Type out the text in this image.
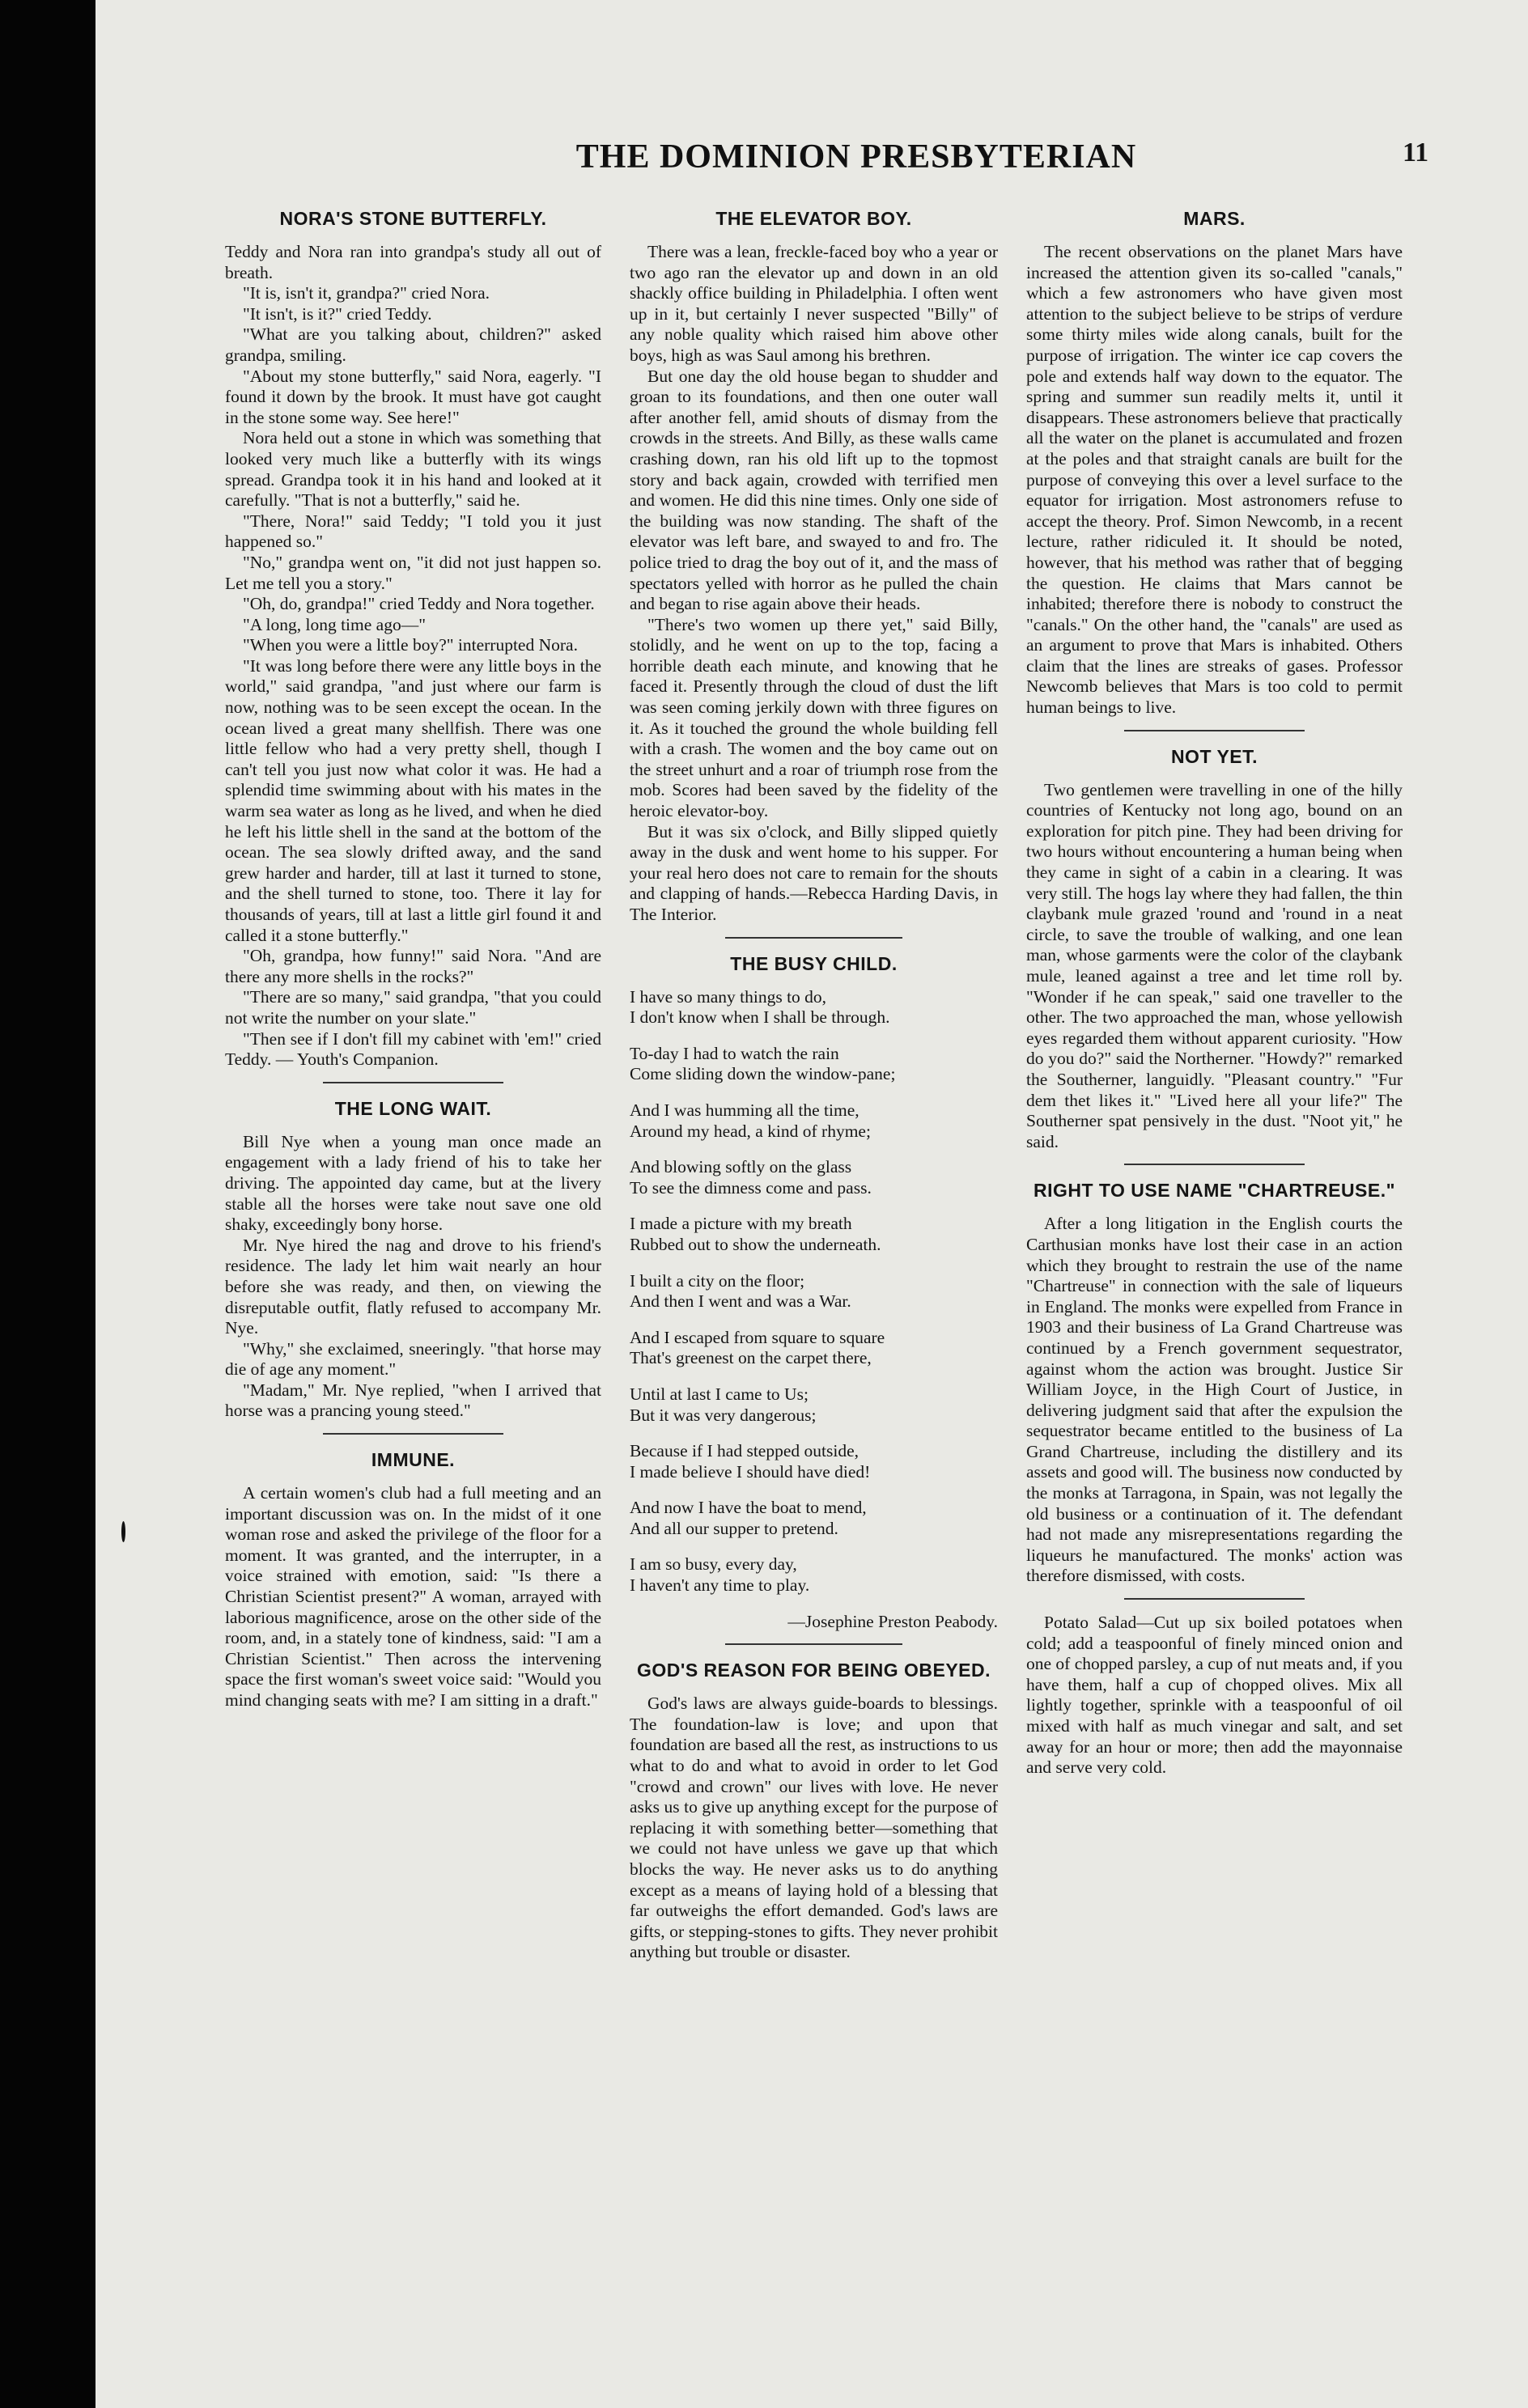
THE DOMINION PRESBYTERIAN	11
NORA'S STONE BUTTERFLY.

Teddy and Nora ran into grandpa's study all out of breath.

"It is, isn't it, grandpa?" cried Nora.

"It isn't, is it?" cried Teddy.

"What are you talking about, children?" asked grandpa, smiling.

"About my stone butterfly," said Nora, eagerly. "I found it down by the brook. It must have got caught in the stone some way. See here!"

Nora held out a stone in which was something that looked very much like a butterfly with its wings spread. Grandpa took it in his hand and looked at it carefully. "That is not a butterfly," said he.

"There, Nora!" said Teddy; "I told you it just happened so."

"No," grandpa went on, "it did not just happen so. Let me tell you a story."

"Oh, do, grandpa!" cried Teddy and Nora together.

"A long, long time ago—"

"When you were a little boy?" interrupted Nora.

"It was long before there were any little boys in the world," said grandpa, "and just where our farm is now, nothing was to be seen except the ocean. In the ocean lived a great many shellfish. There was one little fellow who had a very pretty shell, though I can't tell you just now what color it was. He had a splendid time swimming about with his mates in the warm sea water as long as he lived, and when he died he left his little shell in the sand at the bottom of the ocean. The sea slowly drifted away, and the sand grew harder and harder, till at last it turned to stone, and the shell turned to stone, too. There it lay for thousands of years, till at last a little girl found it and called it a stone butterfly."

"Oh, grandpa, how funny!" said Nora. "And are there any more shells in the rocks?"

"There are so many," said grandpa, "that you could not write the number on your slate."

"Then see if I don't fill my cabinet with 'em!" cried Teddy. — Youth's Companion.

THE LONG WAIT.

Bill Nye when a young man once made an engagement with a lady friend of his to take her driving. The appointed day came, but at the livery stable all the horses were take nout save one old shaky, exceedingly bony horse.

Mr. Nye hired the nag and drove to his friend's residence. The lady let him wait nearly an hour before she was ready, and then, on viewing the disreputable outfit, flatly refused to accompany Mr. Nye.

"Why," she exclaimed, sneeringly. "that horse may die of age any moment."

"Madam," Mr. Nye replied, "when I arrived that horse was a prancing young steed."

IMMUNE.

A certain women's club had a full meeting and an important discussion was on. In the midst of it one woman rose and asked the privilege of the floor for a moment. It was granted, and the interrupter, in a voice strained with emotion, said: "Is there a Christian Scientist present?" A woman, arrayed with laborious magnificence, arose on the other side of the room, and, in a stately tone of kindness, said: "I am a Christian Scientist." Then across the intervening space the first woman's sweet voice said: "Would you mind changing seats with me? I am sitting in a draft."

THE ELEVATOR BOY.

There was a lean, freckle-faced boy who a year or two ago ran the elevator up and down in an old shackly office building in Philadelphia. I often went up in it, but certainly I never suspected "Billy" of any noble quality which raised him above other boys, high as was Saul among his brethren.

But one day the old house began to shudder and groan to its foundations, and then one outer wall after another fell, amid shouts of dismay from the crowds in the streets. And Billy, as these walls came crashing down, ran his old lift up to the topmost story and back again, crowded with terrified men and women. He did this nine times. Only one side of the building was now standing. The shaft of the elevator was left bare, and swayed to and fro. The police tried to drag the boy out of it, and the mass of spectators yelled with horror as he pulled the chain and began to rise again above their heads.

"There's two women up there yet," said Billy, stolidly, and he went on up to the top, facing a horrible death each minute, and knowing that he faced it. Presently through the cloud of dust the lift was seen coming jerkily down with three figures on it. As it touched the ground the whole building fell with a crash. The women and the boy came out on the street unhurt and a roar of triumph rose from the mob. Scores had been saved by the fidelity of the heroic elevator-boy.

But it was six o'clock, and Billy slipped quietly away in the dusk and went home to his supper. For your real hero does not care to remain for the shouts and clapping of hands.—Rebecca Harding Davis, in The Interior.

THE BUSY CHILD.

I have so many things to do,

I don't know when I shall be through.

To-day I had to watch the rain

Come sliding down the window-pane;

And I was humming all the time,

Around my head, a kind of rhyme;

And blowing softly on the glass

To see the dimness come and pass.

I made a picture with my breath

Rubbed out to show the underneath.

I built a city on the floor;

And then I went and was a War.

And I escaped from square to square

That's greenest on the carpet there,

Until at last I came to Us;

But it was very dangerous;

Because if I had stepped outside,

I made believe I should have died!

And now I have the boat to mend,

And all our supper to pretend.

I am so busy, every day,

I haven't any time to play.

—Josephine Preston Peabody.

GOD'S REASON FOR BEING OBEYED.

God's laws are always guide-boards to blessings. The foundation-law is love; and upon that foundation are based all the rest, as instructions to us what to do and what to avoid in order to let God "crowd and crown" our lives with love. He never asks us to give up anything except for the purpose of replacing it with something better—something that we could not have unless we gave up that which blocks the way. He never asks us to do anything except as a means of laying hold of a blessing that far outweighs the effort demanded. God's laws are gifts, or stepping-stones to gifts. They never prohibit anything but trouble or disaster.

MARS.

The recent observations on the planet Mars have increased the attention given its so-called "canals," which a few astronomers who have given most attention to the subject believe to be strips of verdure some thirty miles wide along canals, built for the purpose of irrigation. The winter ice cap covers the pole and extends half way down to the equator. The spring and summer sun readily melts it, until it disappears. These astronomers believe that practically all the water on the planet is accumulated and frozen at the poles and that straight canals are built for the purpose of conveying this over a level surface to the equator for irrigation. Most astronomers refuse to accept the theory. Prof. Simon Newcomb, in a recent lecture, rather ridiculed it. It should be noted, however, that his method was rather that of begging the question. He claims that Mars cannot be inhabited; therefore there is nobody to construct the "canals." On the other hand, the "canals" are used as an argument to prove that Mars is inhabited. Others claim that the lines are streaks of gases. Professor Newcomb believes that Mars is too cold to permit human beings to live.

NOT YET.

Two gentlemen were travelling in one of the hilly countries of Kentucky not long ago, bound on an exploration for pitch pine. They had been driving for two hours without encountering a human being when they came in sight of a cabin in a clearing. It was very still. The hogs lay where they had fallen, the thin claybank mule grazed 'round and 'round in a neat circle, to save the trouble of walking, and one lean man, whose garments were the color of the claybank mule, leaned against a tree and let time roll by. "Wonder if he can speak," said one traveller to the other. The two approached the man, whose yellowish eyes regarded them without apparent curiosity. "How do you do?" said the Northerner. "Howdy?" remarked the Southerner, languidly. "Pleasant country." "Fur dem thet likes it." "Lived here all your life?" The Southerner spat pensively in the dust. "Noot yit," he said.

RIGHT TO USE NAME "CHARTREUSE."

After a long litigation in the English courts the Carthusian monks have lost their case in an action which they brought to restrain the use of the name "Chartreuse" in connection with the sale of liqueurs in England. The monks were expelled from France in 1903 and their business of La Grand Chartreuse was continued by a French government sequestrator, against whom the action was brought. Justice Sir William Joyce, in the High Court of Justice, in delivering judgment said that after the expulsion the sequestrator became entitled to the business of La Grand Chartreuse, including the distillery and its assets and good will. The business now conducted by the monks at Tarragona, in Spain, was not legally the old business or a continuation of it. The defendant had not made any misrepresentations regarding the liqueurs he manufactured. The monks' action was therefore dismissed, with costs.

Potato Salad—Cut up six boiled potatoes when cold; add a teaspoonful of finely minced onion and one of chopped parsley, a cup of nut meats and, if you have them, half a cup of chopped olives. Mix all lightly together, sprinkle with a teaspoonful of oil mixed with half as much vinegar and salt, and set away for an hour or more; then add the mayonnaise and serve very cold.
